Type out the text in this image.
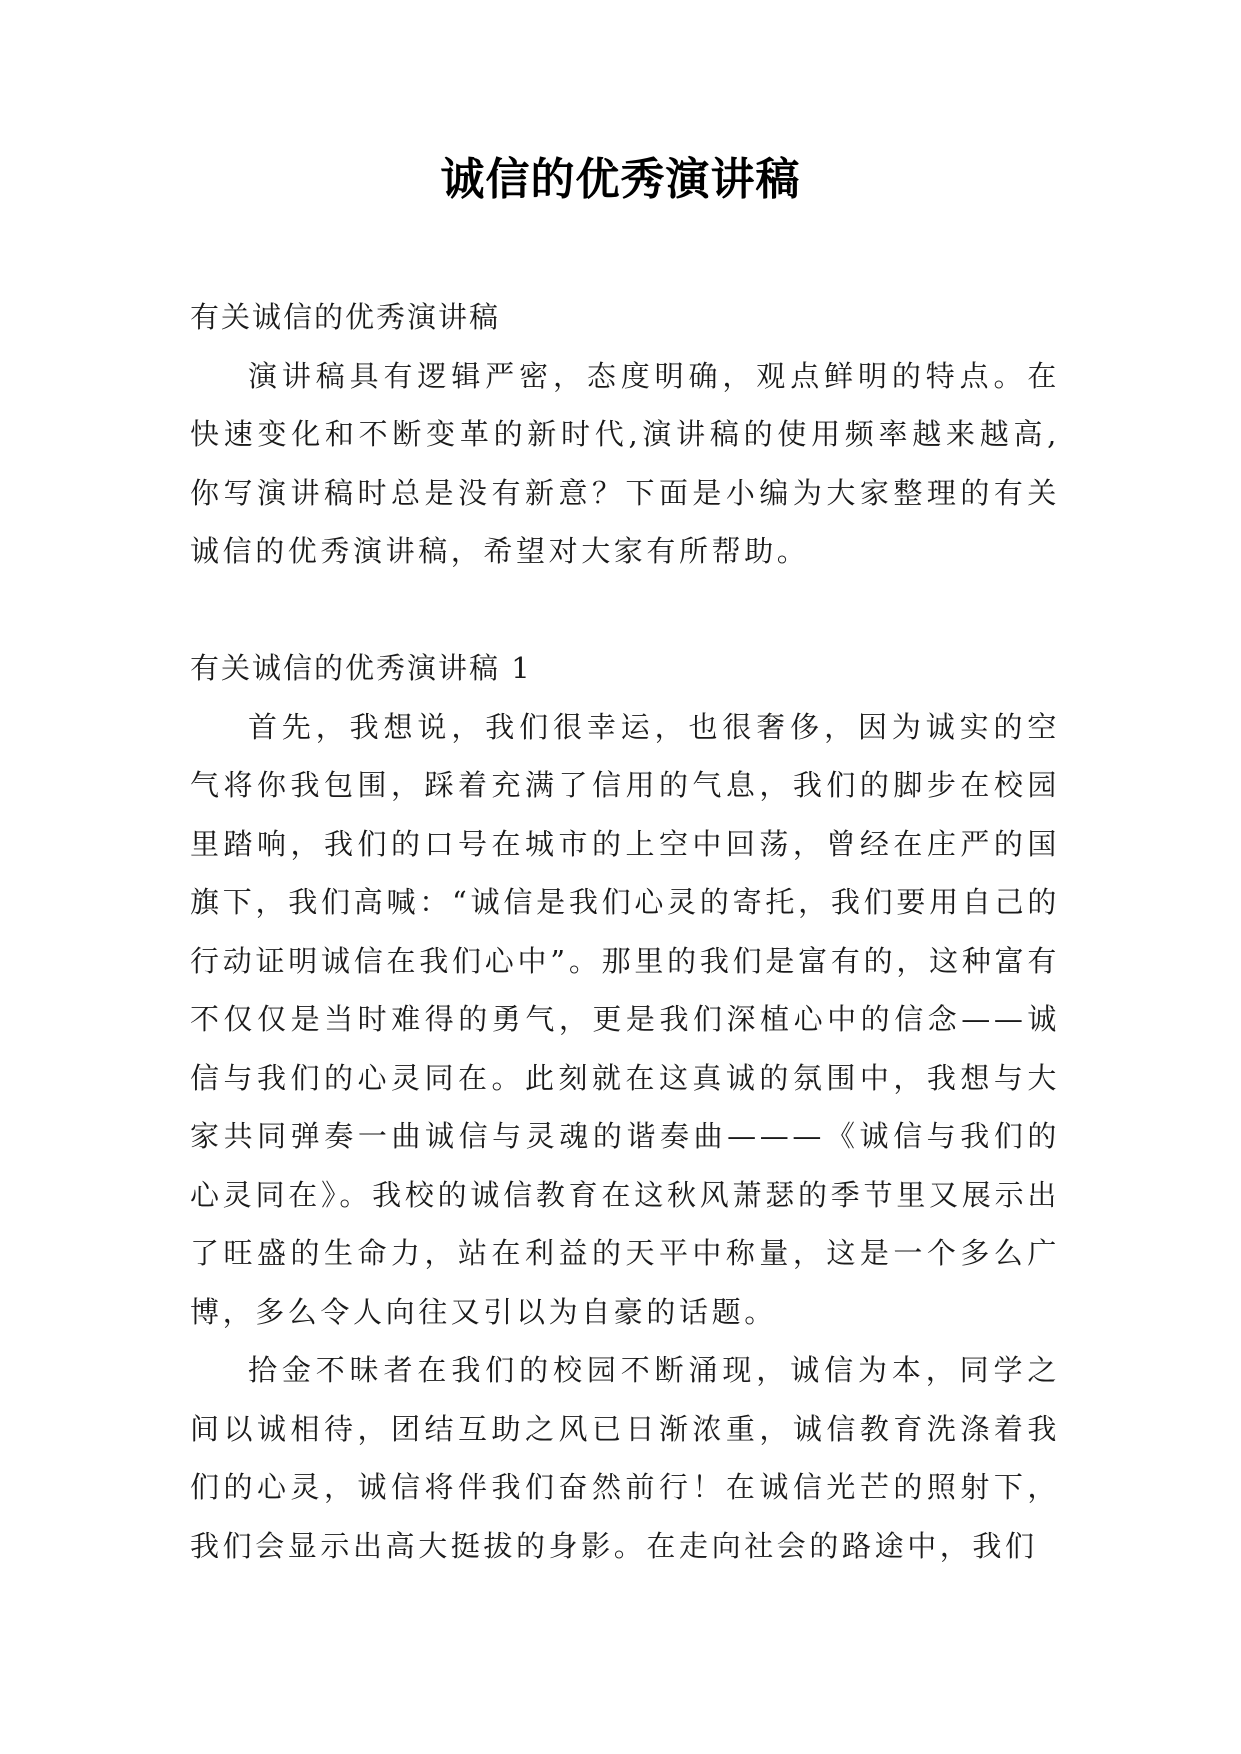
诚信的优秀演讲稿

有关诚信的优秀演讲稿

演讲稿具有逻辑严密，态度明确，观点鲜明的特点。在快速变化和不断变革的新时代,演讲稿的使用频率越来越高,你写演讲稿时总是没有新意？下面是小编为大家整理的有关诚信的优秀演讲稿，希望对大家有所帮助。

有关诚信的优秀演讲稿 1

首先，我想说，我们很幸运，也很奢侈，因为诚实的空气将你我包围，踩着充满了信用的气息，我们的脚步在校园里踏响，我们的口号在城市的上空中回荡，曾经在庄严的国旗下，我们高喊：“诚信是我们心灵的寄托，我们要用自己的行动证明诚信在我们心中”。那里的我们是富有的，这种富有不仅仅是当时难得的勇气，更是我们深植心中的信念——诚信与我们的心灵同在。此刻就在这真诚的氛围中，我想与大家共同弹奏一曲诚信与灵魂的谐奏曲———《诚信与我们的心灵同在》。我校的诚信教育在这秋风萧瑟的季节里又展示出了旺盛的生命力，站在利益的天平中称量，这是一个多么广博，多么令人向往又引以为自豪的话题。

拾金不昧者在我们的校园不断涌现，诚信为本，同学之间以诚相待，团结互助之风已日渐浓重，诚信教育洗涤着我们的心灵，诚信将伴我们奋然前行！在诚信光芒的照射下，我们会显示出高大挺拔的身影。在走向社会的路途中，我们
